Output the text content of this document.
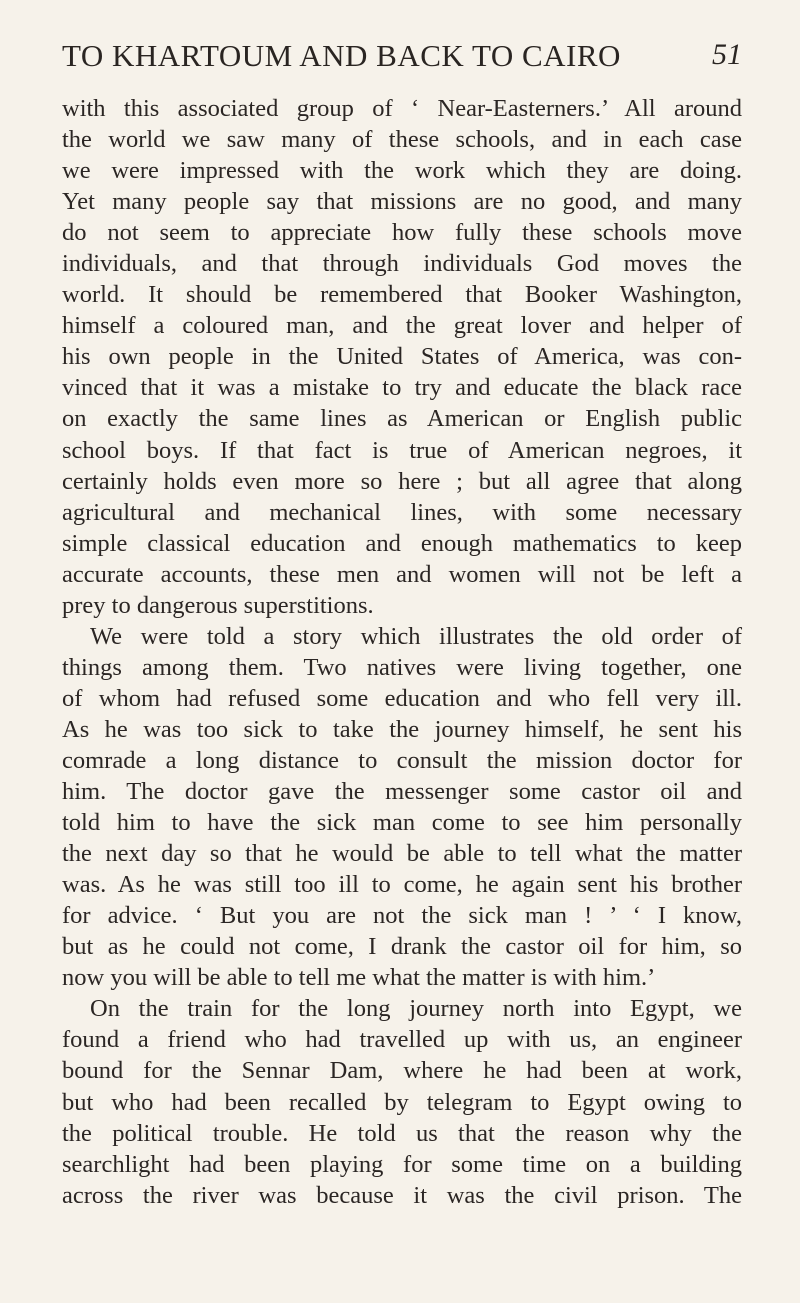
TO KHARTOUM AND BACK TO CAIRO	51
with this associated group of ‘ Near-Easterners.’ All around
the world we saw many of these schools, and in each case
we were impressed with the work which they are doing.
Yet many people say that missions are no good, and many
do not seem to appreciate how fully these schools move
individuals, and that through individuals God moves the
world. It should be remembered that Booker Washington,
himself a coloured man, and the great lover and helper of
his own people in the United States of America, was con-
vinced that it was a mistake to try and educate the black race
on exactly the same lines as American or English public
school boys. If that fact is true of American negroes, it
certainly holds even more so here ; but all agree that along
agricultural and mechanical lines, with some necessary
simple classical education and enough mathematics to keep
accurate accounts, these men and women will not be left a
prey to dangerous superstitions.
We were told a story which illustrates the old order of
things among them. Two natives were living together, one
of whom had refused some education and who fell very ill.
As he was too sick to take the journey himself, he sent his
comrade a long distance to consult the mission doctor for
him. The doctor gave the messenger some castor oil and
told him to have the sick man come to see him personally
the next day so that he would be able to tell what the matter
was. As he was still too ill to come, he again sent his brother
for advice. ‘ But you are not the sick man ! ’ ‘ I know,
but as he could not come, I drank the castor oil for him, so
now you will be able to tell me what the matter is with him.’
On the train for the long journey north into Egypt, we
found a friend who had travelled up with us, an engineer
bound for the Sennar Dam, where he had been at work,
but who had been recalled by telegram to Egypt owing to
the political trouble. He told us that the reason why the
searchlight had been playing for some time on a building
across the river was because it was the civil prison. The
